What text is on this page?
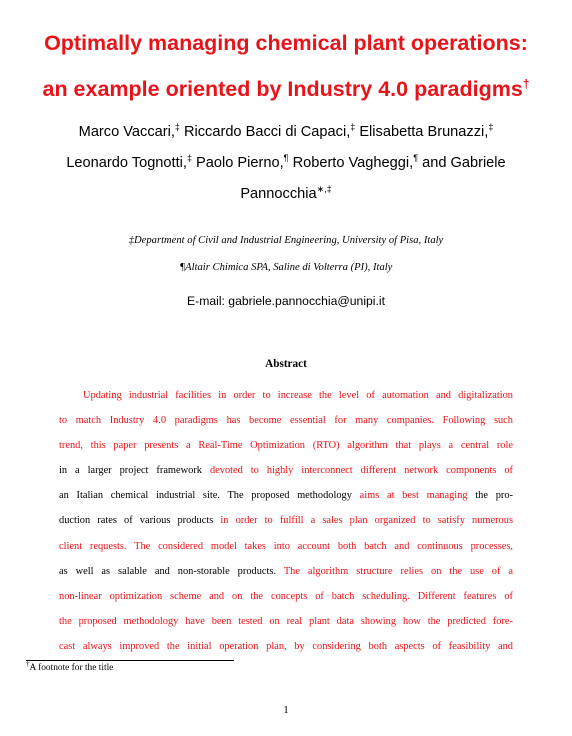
Optimally managing chemical plant operations:
an example oriented by Industry 4.0 paradigms†
Marco Vaccari,‡ Riccardo Bacci di Capaci,‡ Elisabetta Brunazzi,‡
Leonardo Tognotti,‡ Paolo Pierno,¶ Roberto Vagheggi,¶ and Gabriele
Pannocchia∗,‡
‡Department of Civil and Industrial Engineering, University of Pisa, Italy
¶Altair Chimica SPA, Saline di Volterra (PI), Italy
E-mail: gabriele.pannocchia@unipi.it
Abstract
Updating industrial facilities in order to increase the level of automation and digitalization
to match Industry 4.0 paradigms has become essential for many companies. Following such
trend, this paper presents a Real-Time Optimization (RTO) algorithm that plays a central role
in a larger project framework devoted to highly interconnect different network components of
an Italian chemical industrial site. The proposed methodology aims at best managing the pro-
duction rates of various products in order to fulfill a sales plan organized to satisfy numerous
client requests. The considered model takes into account both batch and continuous processes,
as well as salable and non-storable products. The algorithm structure relies on the use of a
non-linear optimization scheme and on the concepts of batch scheduling. Different features of
the proposed methodology have been tested on real plant data showing how the predicted fore-
cast always improved the initial operation plan, by considering both aspects of feasibility and
†A footnote for the title
1
